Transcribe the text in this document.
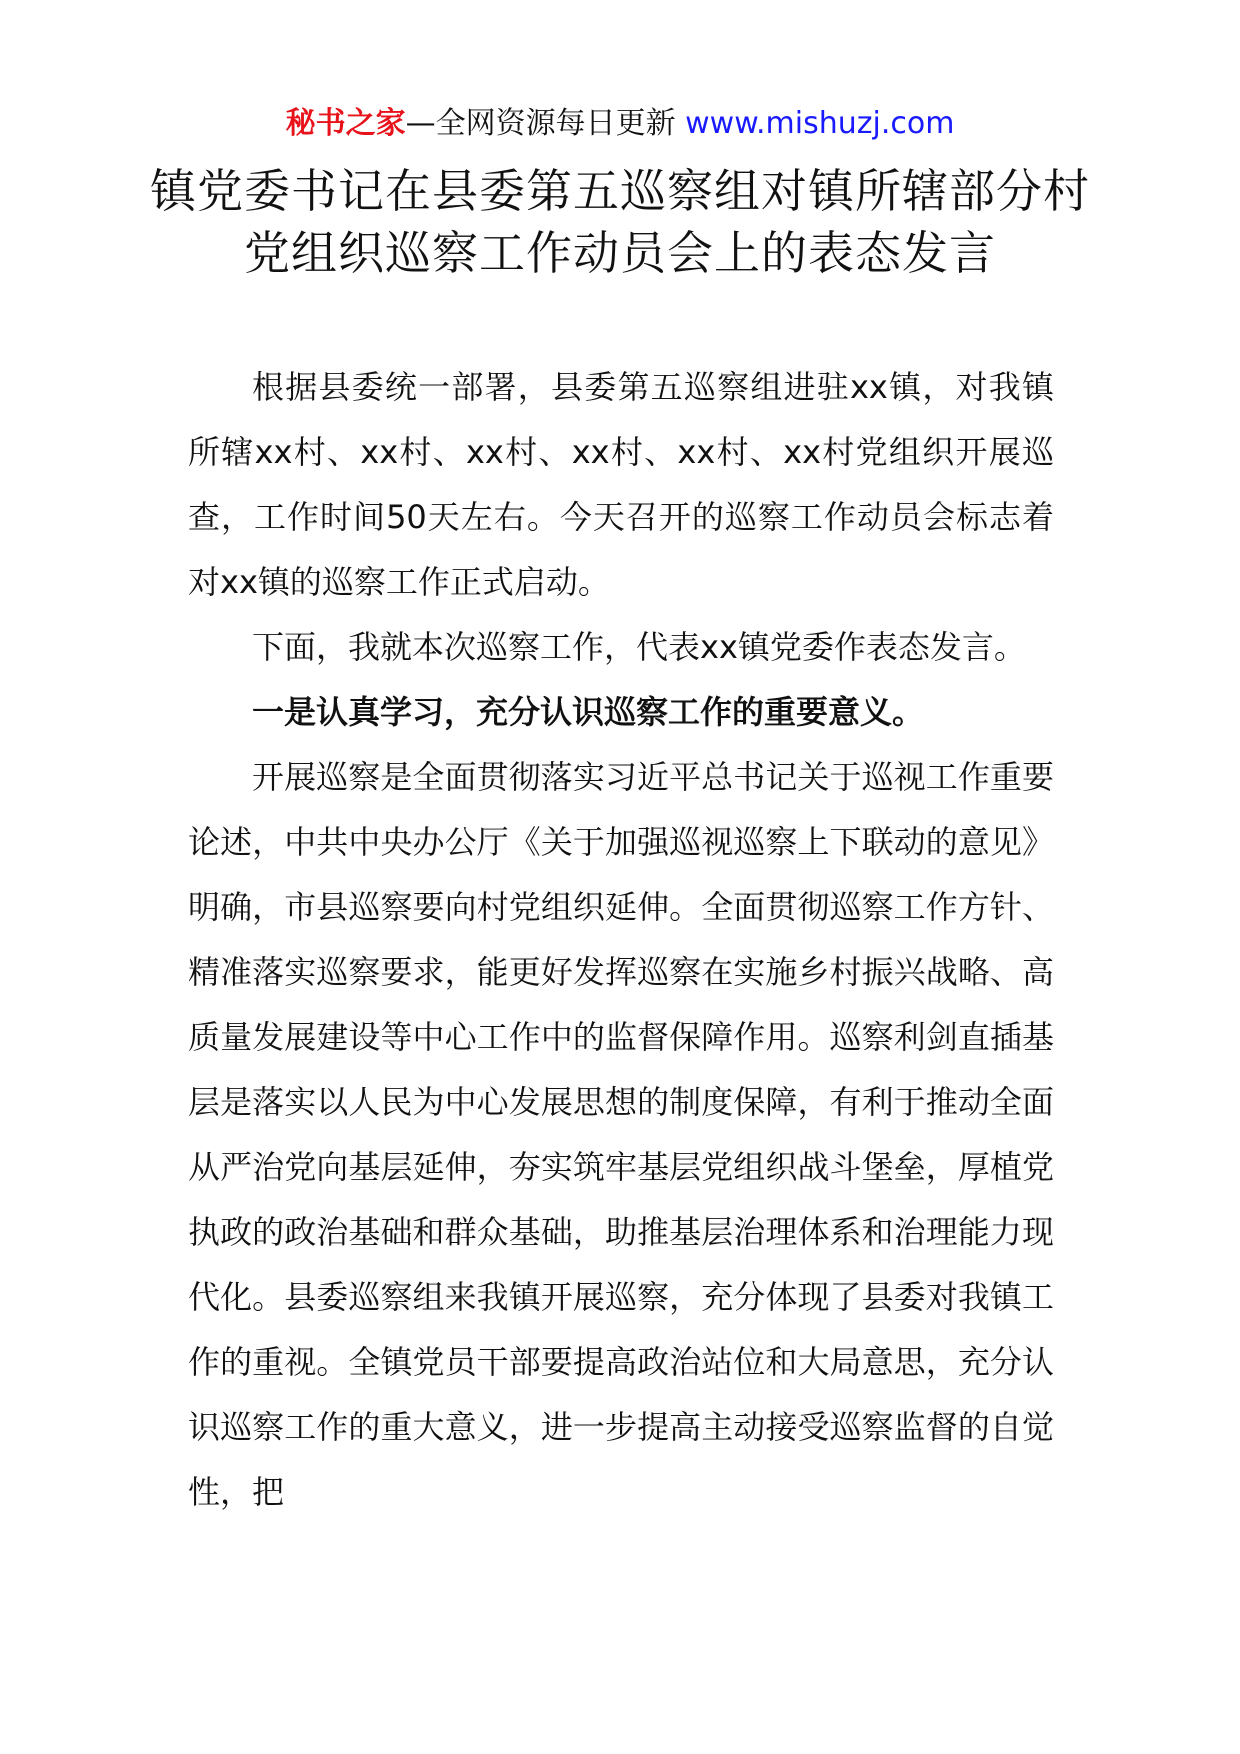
秘书之家—全网资源每日更新 www.mishuzj.com
镇党委书记在县委第五巡察组对镇所辖部分村党组织巡察工作动员会上的表态发言

根据县委统一部署，县委第五巡察组进驻xx镇，对我镇所辖xx村、xx村、xx村、xx村、xx村、xx村党组织开展巡查，工作时间50天左右。今天召开的巡察工作动员会标志着对xx镇的巡察工作正式启动。

下面，我就本次巡察工作，代表xx镇党委作表态发言。

一是认真学习，充分认识巡察工作的重要意义。

开展巡察是全面贯彻落实习近平总书记关于巡视工作重要论述，中共中央办公厅《关于加强巡视巡察上下联动的意见》明确，市县巡察要向村党组织延伸。全面贯彻巡察工作方针、精准落实巡察要求，能更好发挥巡察在实施乡村振兴战略、高质量发展建设等中心工作中的监督保障作用。巡察利剑直插基层是落实以人民为中心发展思想的制度保障，有利于推动全面从严治党向基层延伸，夯实筑牢基层党组织战斗堡垒，厚植党执政的政治基础和群众基础，助推基层治理体系和治理能力现代化。县委巡察组来我镇开展巡察，充分体现了县委对我镇工作的重视。全镇党员干部要提高政治站位和大局意思，充分认识巡察工作的重大意义，进一步提高主动接受巡察监督的自觉性，把
